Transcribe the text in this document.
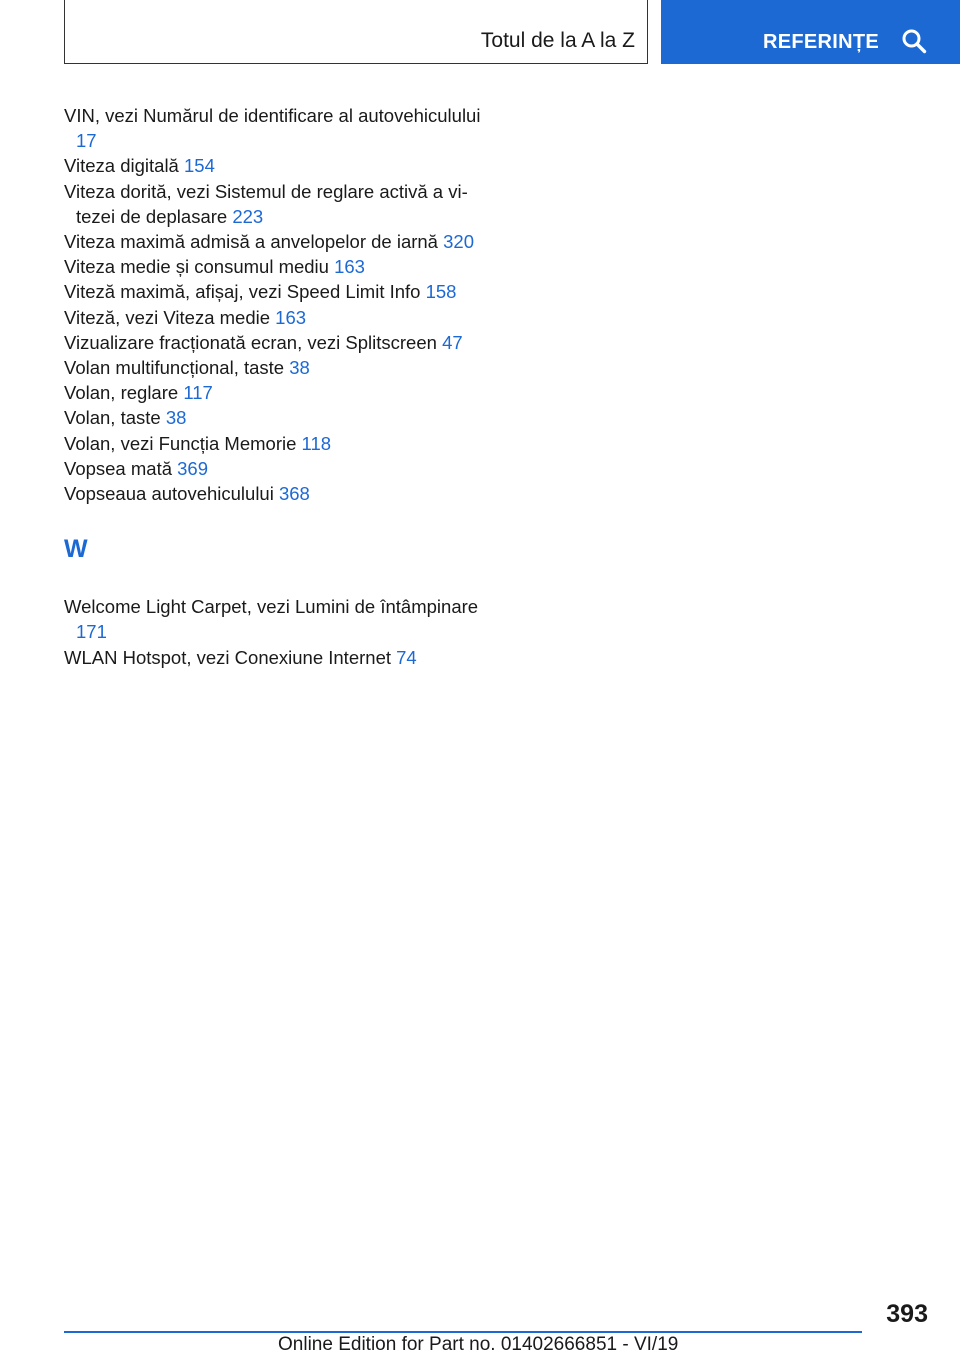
Totul de la A la Z	REFERINȚE
VIN, vezi Numărul de identificare al autovehiculului 17
Viteza digitală 154
Viteza dorită, vezi Sistemul de reglare activă a vitezei de deplasare 223
Viteza maximă admisă a anvelopelor de iarnă 320
Viteza medie și consumul mediu 163
Viteză maximă, afișaj, vezi Speed Limit Info 158
Viteză, vezi Viteza medie 163
Vizualizare fracționată ecran, vezi Splitscreen 47
Volan multifuncțional, taste 38
Volan, reglare 117
Volan, taste 38
Volan, vezi Funcția Memorie 118
Vopsea mată 369
Vopseaua autovehiculului 368
W
Welcome Light Carpet, vezi Lumini de întâmpinare 171
WLAN Hotspot, vezi Conexiune Internet 74
393
Online Edition for Part no. 01402666851 - VI/19
